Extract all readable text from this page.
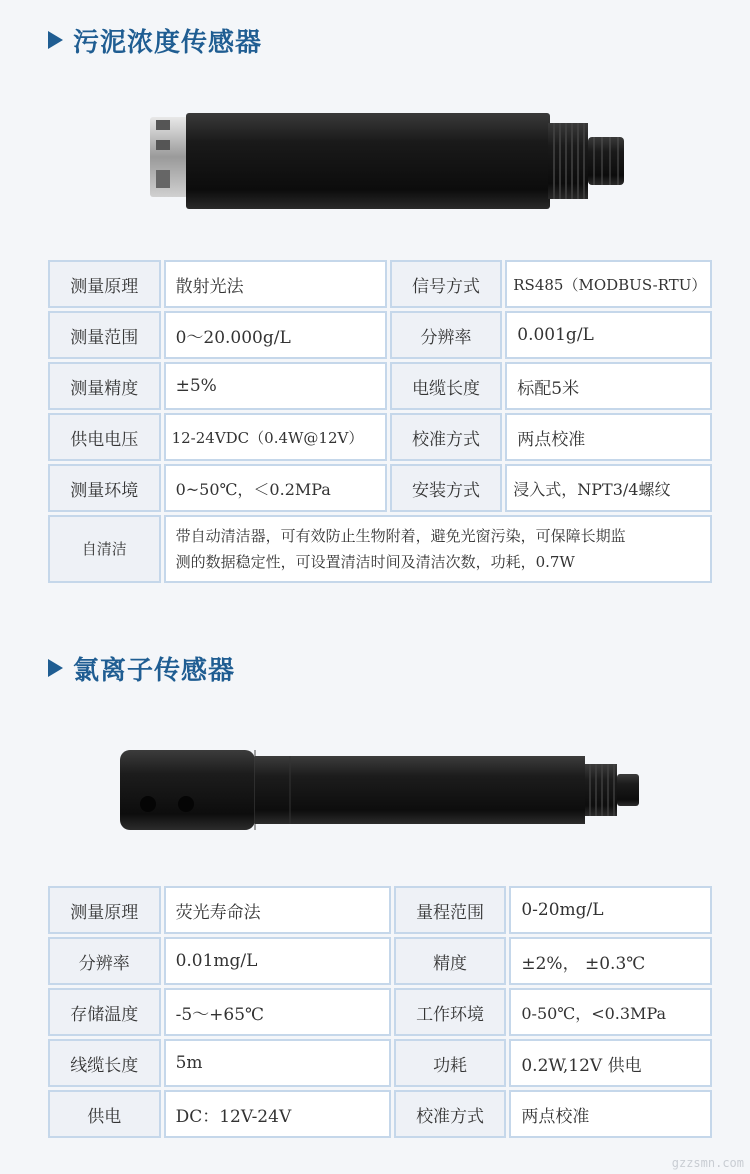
污泥浓度传感器
测量原理	散射光法	信号方式	RS485（MODBUS-RTU）
测量范围	0～20.000g/L	分辨率	0.001g/L
测量精度	±5%	电缆长度	标配5米
供电电压	12-24VDC（0.4W@12V）	校准方式	两点校准
测量环境	0~50℃，＜0.2MPa	安装方式	浸入式，NPT3/4螺纹
自清洁	带自动清洁器，可有效防止生物附着，避免光窗污染，可保障长期监
测的数据稳定性，可设置清洁时间及清洁次数，功耗，0.7W		
氯离子传感器
测量原理	荧光寿命法	量程范围	0-20mg/L
分辨率	0.01mg/L	精度	±2%， ±0.3℃
存储温度	-5～+65℃	工作环境	0-50℃，<0.3MPa
线缆长度	5m	功耗	0.2W,12V 供电
供电	DC：12V-24V	校准方式	两点校准
gzzsmn.com
